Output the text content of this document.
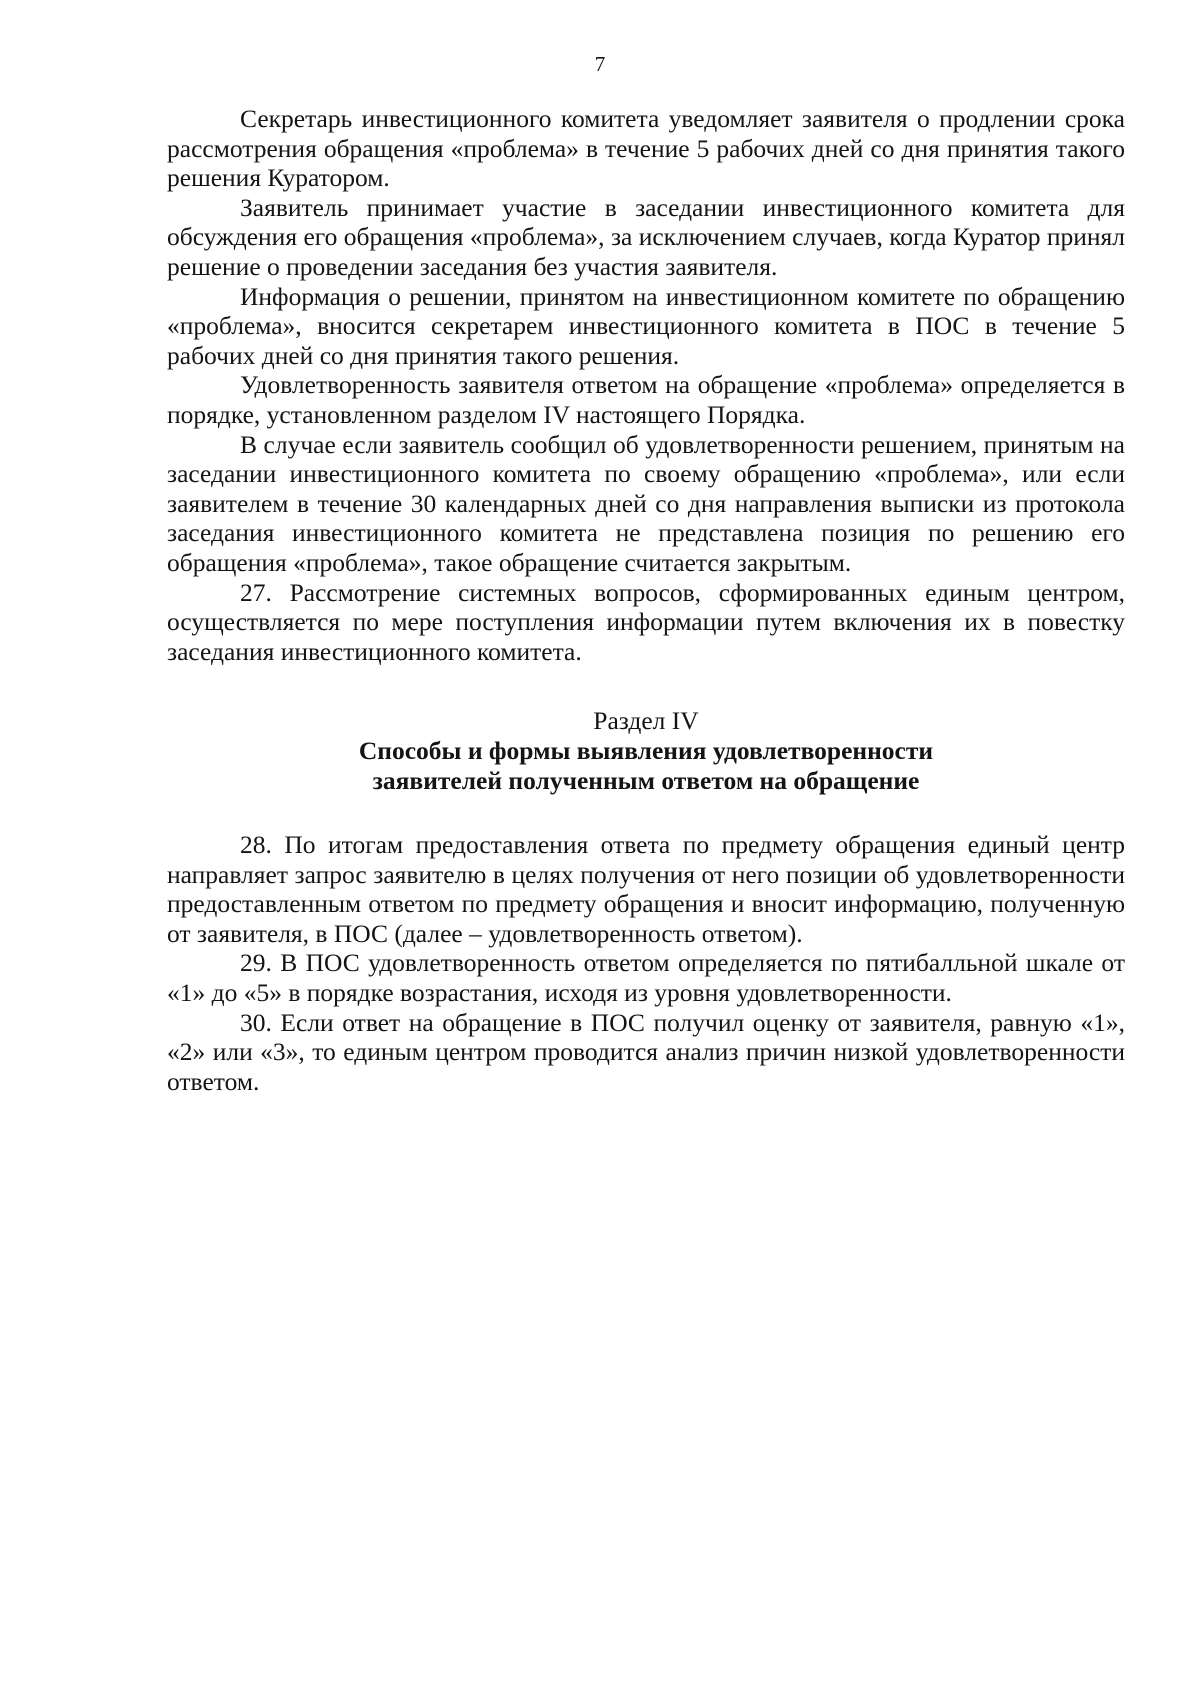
7

Секретарь инвестиционного комитета уведомляет заявителя о продлении срока рассмотрения обращения «проблема» в течение 5 рабочих дней со дня принятия такого решения Куратором.

Заявитель принимает участие в заседании инвестиционного комитета для обсуждения его обращения «проблема», за исключением случаев, когда Куратор принял решение о проведении заседания без участия заявителя.

Информация о решении, принятом на инвестиционном комитете по обращению «проблема», вносится секретарем инвестиционного комитета в ПОС в течение 5 рабочих дней со дня принятия такого решения.

Удовлетворенность заявителя ответом на обращение «проблема» определяется в порядке, установленном разделом IV настоящего Порядка.

В случае если заявитель сообщил об удовлетворенности решением, принятым на заседании инвестиционного комитета по своему обращению «проблема», или если заявителем в течение 30 календарных дней со дня направления выписки из протокола заседания инвестиционного комитета не представлена позиция по решению его обращения «проблема», такое обращение считается закрытым.

27. Рассмотрение системных вопросов, сформированных единым центром, осуществляется по мере поступления информации путем включения их в повестку заседания инвестиционного комитета.

Раздел IV

Способы и формы выявления удовлетворенности

заявителей полученным ответом на обращение

28. По итогам предоставления ответа по предмету обращения единый центр направляет запрос заявителю в целях получения от него позиции об удовлетворенности предоставленным ответом по предмету обращения и вносит информацию, полученную от заявителя, в ПОС (далее – удовлетворенность ответом).

29. В ПОС удовлетворенность ответом определяется по пятибалльной шкале от «1» до «5» в порядке возрастания, исходя из уровня удовлетворенности.

30. Если ответ на обращение в ПОС получил оценку от заявителя, равную «1», «2» или «3», то единым центром проводится анализ причин низкой удовлетворенности ответом.
